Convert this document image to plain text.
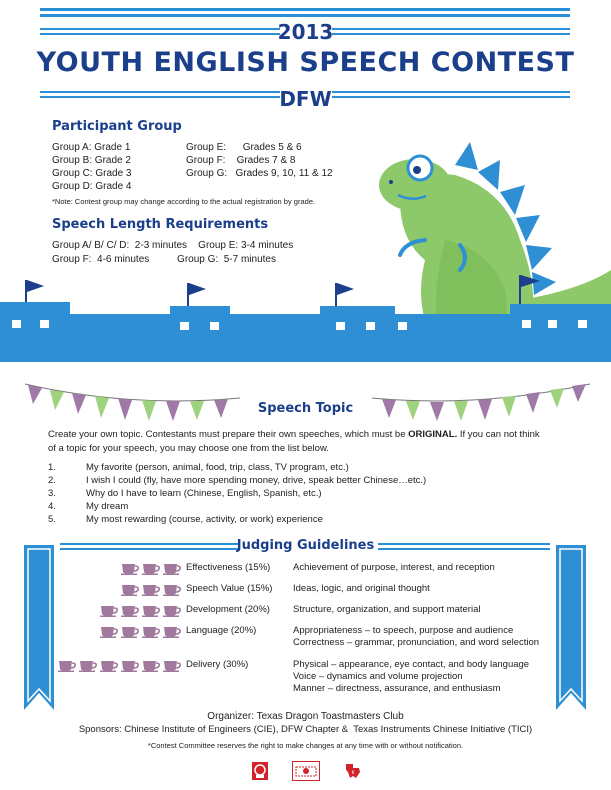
2013
YOUTH ENGLISH SPEECH CONTEST
DFW
Participant Group
Group A: Grade 1
Group B: Grade 2
Group C: Grade 3
Group D: Grade 4
Group E:      Grades 5 & 6
Group F:    Grades 7 & 8
Group G:   Grades 9, 10, 11 & 12
*Note: Contest group may change according to the actual registration by grade.
Speech Length Requirements
Group A/ B/ C/ D:  2-3 minutes    Group E: 3-4 minutes
Group F:  4-6 minutes          Group G:  5-7 minutes
Speech Topic
Create your own topic. Contestants must prepare their own speeches, which must be ORIGINAL. If you can not think
of a topic for your speech, you may choose one from the list below.
1.	My favorite (person, animal, food, trip, class, TV program, etc.)
2.	I wish I could (fly, have more spending money, drive, speak better Chinese…etc.)
3.	Why do I have to learn (Chinese, English, Spanish, etc.)
4.	My dream
5.	My most rewarding (course, activity, or work) experience
Judging Guidelines
Effectiveness (15%) Achievement of purpose, interest, and reception
Speech Value (15%) Ideas, logic, and original thought
Development (20%) Structure, organization, and support material
Language (20%)	Appropriateness – to speech, purpose and audience
Correctness – grammar, pronunciation, and word selection
Delivery (30%)	Physical – appearance, eye contact, and body language
Voice – dynamics and volume projection
Manner – directness, assurance, and enthusiasm
Organizer: Texas Dragon Toastmasters Club
Sponsors: Chinese Institute of Engineers (CIE), DFW Chapter &  Texas Instruments Chinese Initiative (TICI)
*Contest Committee reserves the right to make changes at any time with or without notification.
ti
